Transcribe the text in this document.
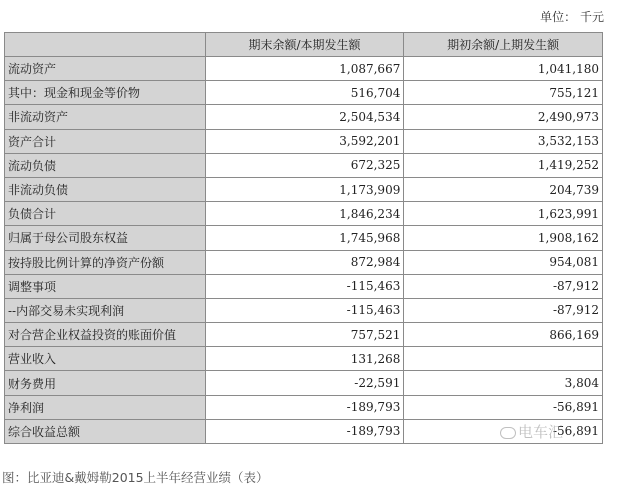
单位： 千元
	期末余额/本期发生额	期初余额/上期发生额
流动资产	1,087,667	1,041,180
其中：现金和现金等价物	516,704	755,121
非流动资产	2,504,534	2,490,973
资产合计	3,592,201	3,532,153
流动负债	672,325	1,419,252
非流动负债	1,173,909	204,739
负债合计	1,846,234	1,623,991
归属于母公司股东权益	1,745,968	1,908,162
按持股比例计算的净资产份额	872,984	954,081
调整事项	-115,463	-87,912
--内部交易未实现利润	-115,463	-87,912
对合营企业权益投资的账面价值	757,521	866,169
营业收入	131,268	
财务费用	-22,591	3,804
净利润	-189,793	-56,891
综合收益总额	-189,793	-56,891
电车汇
图：比亚迪&戴姆勒2015上半年经营业绩（表）
